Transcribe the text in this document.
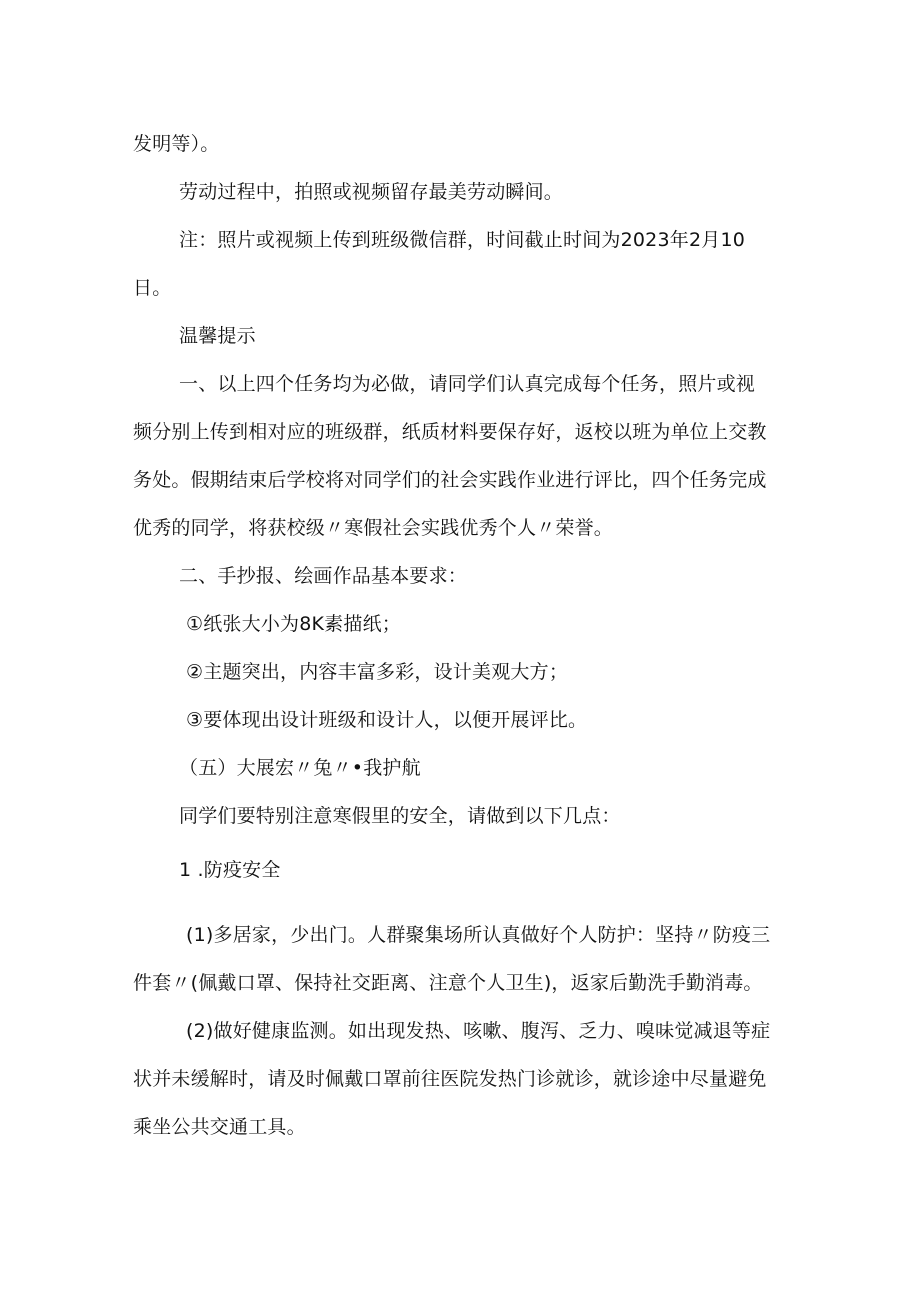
发明等）。

劳动过程中，拍照或视频留存最美劳动瞬间。

注：照片或视频上传到班级微信群，时间截止时间为2023年2月10

日。

温馨提示

一、以上四个任务均为必做，请同学们认真完成每个任务，照片或视

频分别上传到相对应的班级群，纸质材料要保存好，返校以班为单位上交教

务处。假期结束后学校将对同学们的社会实践作业进行评比，四个任务完成

优秀的同学，将获校级〃寒假社会实践优秀个人〃荣誉。

二、手抄报、绘画作品基本要求：

①纸张大小为8K素描纸；

②主题突出，内容丰富多彩，设计美观大方；

③要体现出设计班级和设计人，以便开展评比。

（五）大展宏〃兔〃•我护航

同学们要特别注意寒假里的安全，请做到以下几点：

1 .防疫安全

(1)多居家，少出门。人群聚集场所认真做好个人防护：坚持〃防疫三

件套〃(佩戴口罩、保持社交距离、注意个人卫生)，返家后勤洗手勤消毒。

(2)做好健康监测。如出现发热、咳嗽、腹泻、乏力、嗅味觉减退等症

状并未缓解时，请及时佩戴口罩前往医院发热门诊就诊，就诊途中尽量避免

乘坐公共交通工具。
